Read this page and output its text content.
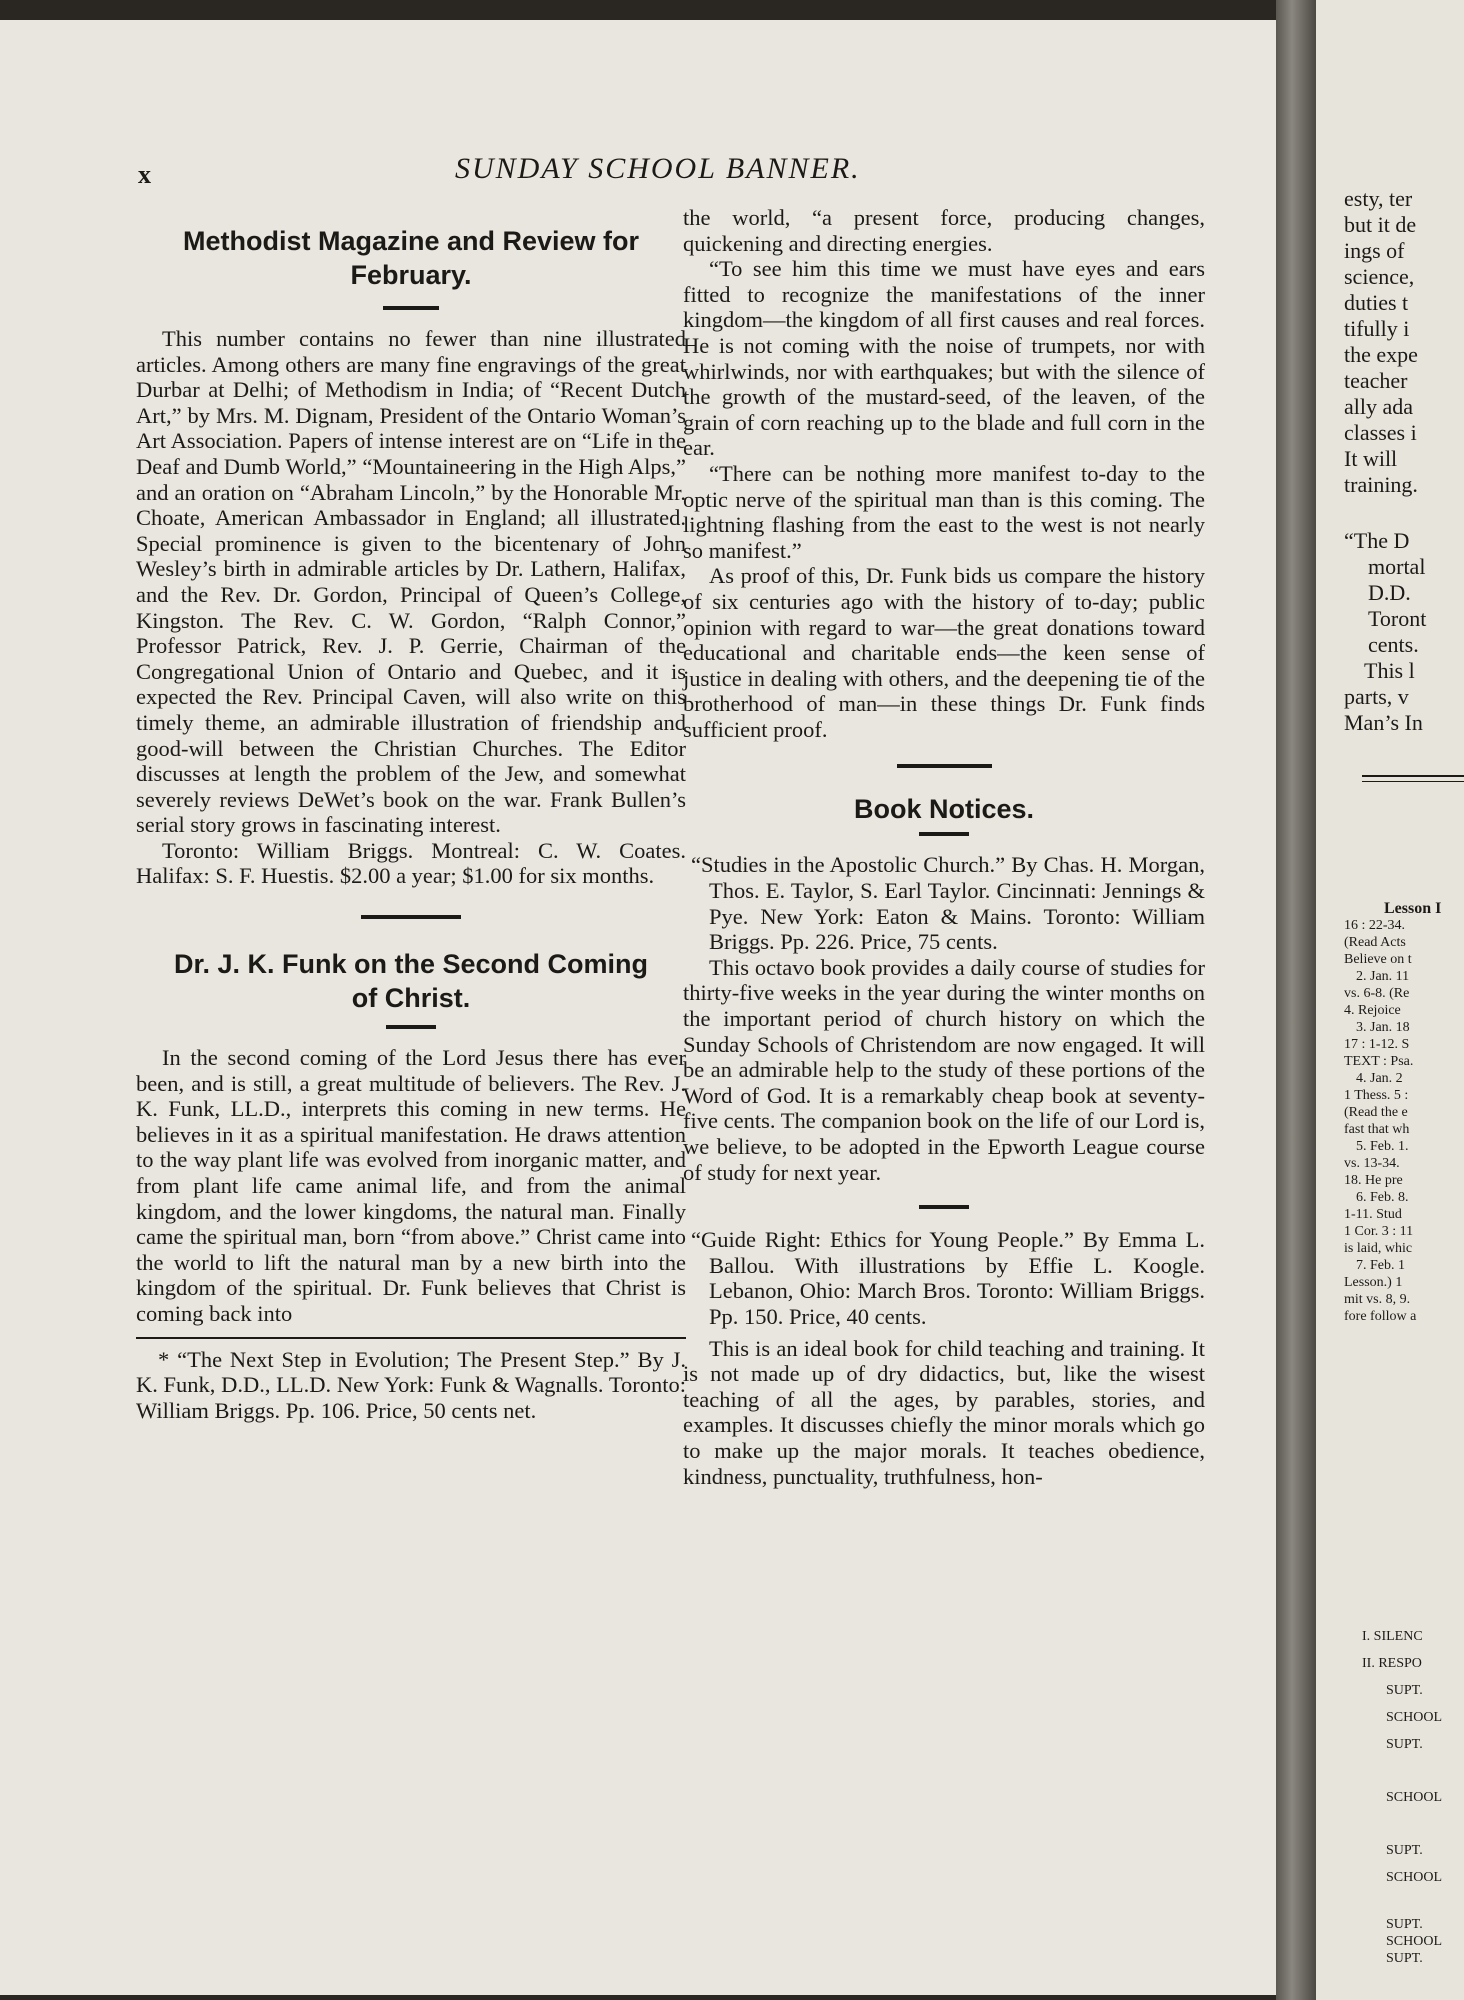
x	SUNDAY SCHOOL BANNER.
Methodist Magazine and Review for February.

This number contains no fewer than nine illustrated articles. Among others are many fine engravings of the great Durbar at Delhi; of Methodism in India; of “Recent Dutch Art,” by Mrs. M. Dignam, President of the Ontario Woman’s Art Association. Papers of intense interest are on “Life in the Deaf and Dumb World,” “Mountaineering in the High Alps,” and an oration on “Abraham Lincoln,” by the Honorable Mr. Choate, American Ambassador in England; all illustrated. Special prominence is given to the bicentenary of John Wesley’s birth in admirable articles by Dr. Lathern, Halifax, and the Rev. Dr. Gordon, Principal of Queen’s College, Kingston. The Rev. C. W. Gordon, “Ralph Connor,” Professor Patrick, Rev. J. P. Gerrie, Chairman of the Congregational Union of Ontario and Quebec, and it is expected the Rev. Principal Caven, will also write on this timely theme, an admirable illustration of friendship and good-will between the Christian Churches. The Editor discusses at length the problem of the Jew, and somewhat severely reviews DeWet’s book on the war. Frank Bullen’s serial story grows in fascinating interest.

Toronto: William Briggs. Montreal: C. W. Coates. Halifax: S. F. Huestis. $2.00 a year; $1.00 for six months.

Dr. J. K. Funk on the Second Coming of Christ.

In the second coming of the Lord Jesus there has ever been, and is still, a great multitude of believers. The Rev. J. K. Funk, LL.D., interprets this coming in new terms. He believes in it as a spiritual manifestation. He draws attention to the way plant life was evolved from inorganic matter, and from plant life came animal life, and from the animal kingdom, and the lower kingdoms, the natural man. Finally came the spiritual man, born “from above.” Christ came into the world to lift the natural man by a new birth into the kingdom of the spiritual. Dr. Funk believes that Christ is coming back into

* “The Next Step in Evolution; The Present Step.” By J. K. Funk, D.D., LL.D. New York: Funk & Wagnalls. Toronto: William Briggs. Pp. 106. Price, 50 cents net.

the world, “a present force, producing changes, quickening and directing energies.

“To see him this time we must have eyes and ears fitted to recognize the manifestations of the inner kingdom—the kingdom of all first causes and real forces. He is not coming with the noise of trumpets, nor with whirlwinds, nor with earthquakes; but with the silence of the growth of the mustard-seed, of the leaven, of the grain of corn reaching up to the blade and full corn in the ear.

“There can be nothing more manifest to-day to the optic nerve of the spiritual man than is this coming. The lightning flashing from the east to the west is not nearly so manifest.”

As proof of this, Dr. Funk bids us compare the history of six centuries ago with the history of to-day; public opinion with regard to war—the great donations toward educational and charitable ends—the keen sense of justice in dealing with others, and the deepening tie of the brotherhood of man—in these things Dr. Funk finds sufficient proof.

Book Notices.
“Studies in the Apostolic Church.” By Chas. H. Morgan, Thos. E. Taylor, S. Earl Taylor. Cincinnati: Jennings & Pye. New York: Eaton & Mains. Toronto: William Briggs. Pp. 226. Price, 75 cents.

This octavo book provides a daily course of studies for thirty-five weeks in the year during the winter months on the important period of church history on which the Sunday Schools of Christendom are now engaged. It will be an admirable help to the study of these portions of the Word of God. It is a remarkably cheap book at seventy-five cents. The companion book on the life of our Lord is, we believe, to be adopted in the Epworth League course of study for next year.

“Guide Right: Ethics for Young People.” By Emma L. Ballou. With illustrations by Effie L. Koogle. Lebanon, Ohio: March Bros. Toronto: William Briggs. Pp. 150. Price, 40 cents.

This is an ideal book for child teaching and training. It is not made up of dry didactics, but, like the wisest teaching of all the ages, by parables, stories, and examples. It discusses chiefly the minor morals which go to make up the major morals. It teaches obedience, kindness, punctuality, truthfulness, hon-

esty, ter
but it de
ings of
science,
duties t
tifully i
the expe
teacher
ally ada
classes i
It will
training.
“The D
mortal
D.D.
Toront
cents.
This l
parts, v
Man’s In
Lesson I
16 : 22-34.
(Read Acts
Believe on t
2. Jan. 11
vs. 6-8. (Re
4. Rejoice
3. Jan. 18
17 : 1-12. S
TEXT : Psa.
4. Jan. 2
1 Thess. 5 :
(Read the e
fast that wh
5. Feb. 1.
vs. 13-34.
18. He pre
6. Feb. 8.
1-11. Stud
1 Cor. 3 : 11
is laid, whic
7. Feb. 1
Lesson.) 1
mit vs. 8, 9.
fore follow a
I. SILENC
II. RESPO
SUPT.
SCHOOL
SUPT.
SCHOOL
SUPT.
SCHOOL
SUPT.
SCHOOL
SUPT.
